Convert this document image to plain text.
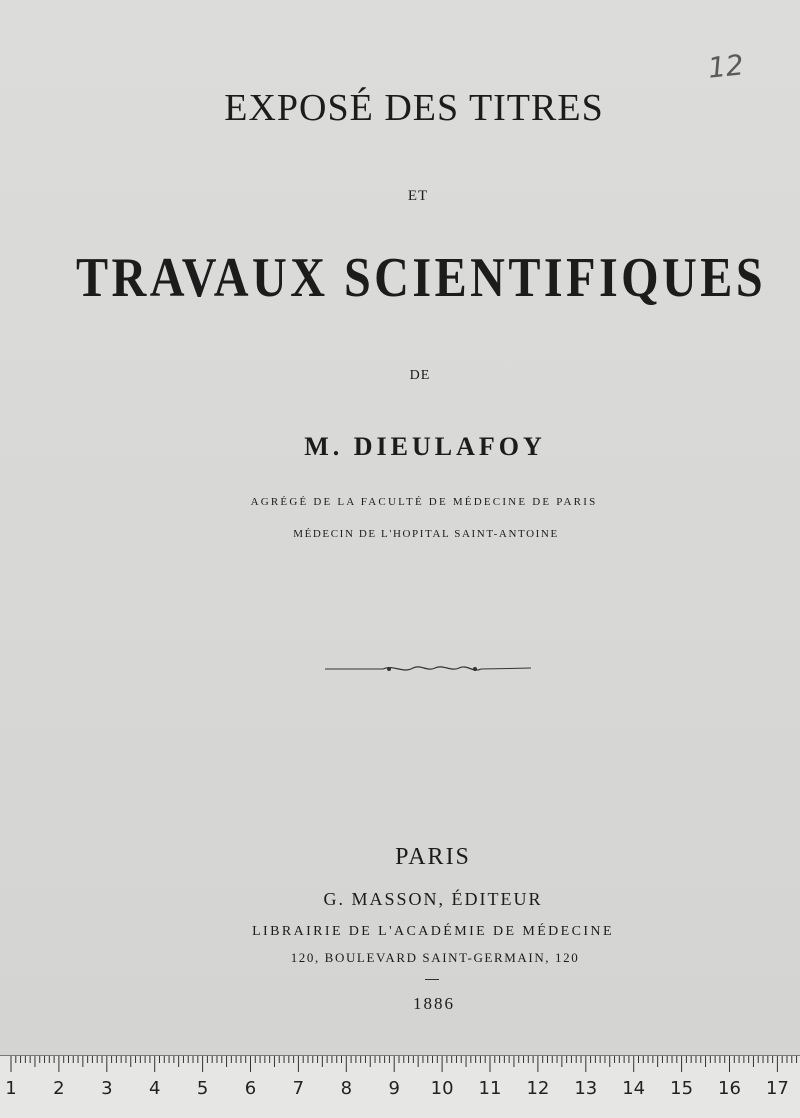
12
EXPOSÉ DES TITRES
ET
TRAVAUX SCIENTIFIQUES
DE
M. DIEULAFOY
AGRÉGÉ DE LA FACULTÉ DE MÉDECINE DE PARIS
MÉDECIN DE L'HOPITAL SAINT-ANTOINE
PARIS
G. MASSON, ÉDITEUR
LIBRAIRIE DE L'ACADÉMIE DE MÉDECINE
120, BOULEVARD SAINT-GERMAIN, 120
1886
1 2 3 4 5 6 7 8 9 10 11 12 13 14 15 16 17
